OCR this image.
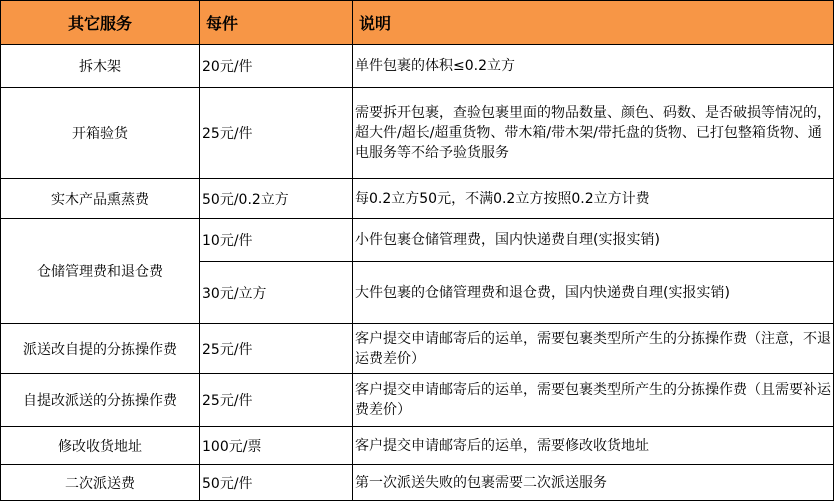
其它服务	每件	说明
拆木架	20元/件	单件包裹的体积≤0.2立方
开箱验货	25元/件	需要拆开包裹，查验包裹里面的物品数量、颜色、码数、是否破损等情况的，超大件/超长/超重货物、带木箱/带木架/带托盘的货物、已打包整箱货物、通电服务等不给予验货服务
实木产品熏蒸费	50元/0.2立方	每0.2立方50元，不满0.2立方按照0.2立方计费
仓储管理费和退仓费	10元/件	小件包裹仓储管理费，国内快递费自理(实报实销)
	30元/立方	大件包裹的仓储管理费和退仓费，国内快递费自理(实报实销)
派送改自提的分拣操作费	25元/件	客户提交申请邮寄后的运单，需要包裹类型所产生的分拣操作费（注意，不退运费差价）
自提改派送的分拣操作费	25元/件	客户提交申请邮寄后的运单，需要包裹类型所产生的分拣操作费（且需要补运费差价）
修改收货地址	100元/票	客户提交申请邮寄后的运单，需要修改收货地址
二次派送费	50元/件	第一次派送失败的包裹需要二次派送服务
